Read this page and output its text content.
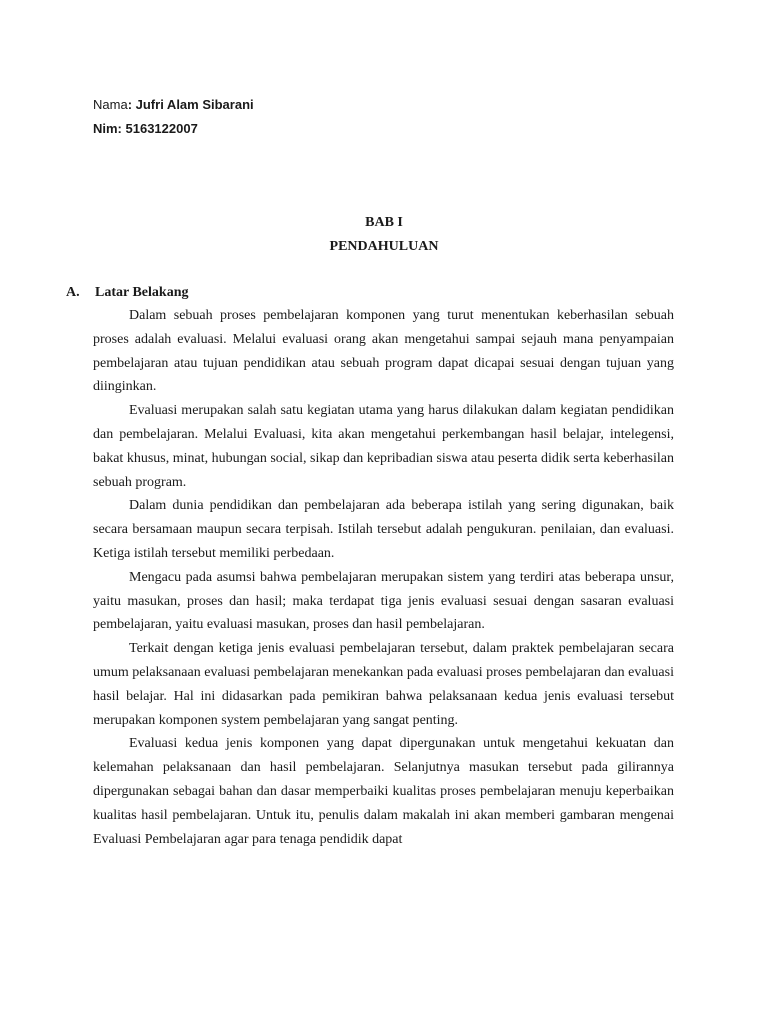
Nama: Jufri Alam Sibarani
Nim: 5163122007
BAB I
PENDAHULUAN
A. Latar Belakang

Dalam sebuah proses pembelajaran komponen yang turut menentukan keberhasilan sebuah proses adalah evaluasi. Melalui evaluasi orang akan mengetahui sampai sejauh mana penyampaian pembelajaran atau tujuan pendidikan atau sebuah program dapat dicapai sesuai dengan tujuan yang diinginkan.

Evaluasi merupakan salah satu kegiatan utama yang harus dilakukan dalam kegiatan pendidikan dan pembelajaran. Melalui Evaluasi, kita akan mengetahui perkembangan hasil belajar, intelegensi, bakat khusus, minat, hubungan social, sikap dan kepribadian siswa atau peserta didik serta keberhasilan sebuah program.

Dalam dunia pendidikan dan pembelajaran ada beberapa istilah yang sering digunakan, baik secara bersamaan maupun secara terpisah. Istilah tersebut adalah pengukuran. penilaian, dan evaluasi. Ketiga istilah tersebut memiliki perbedaan.

Mengacu pada asumsi bahwa pembelajaran merupakan sistem yang terdiri atas beberapa unsur, yaitu masukan, proses dan hasil; maka terdapat tiga jenis evaluasi sesuai dengan sasaran evaluasi pembelajaran, yaitu evaluasi masukan, proses dan hasil pembelajaran.

Terkait dengan ketiga jenis evaluasi pembelajaran tersebut, dalam praktek pembelajaran secara umum pelaksanaan evaluasi pembelajaran menekankan pada evaluasi proses pembelajaran dan evaluasi hasil belajar. Hal ini didasarkan pada pemikiran bahwa pelaksanaan kedua jenis evaluasi tersebut merupakan komponen system pembelajaran yang sangat penting.

Evaluasi kedua jenis komponen yang dapat dipergunakan untuk mengetahui kekuatan dan kelemahan pelaksanaan dan hasil pembelajaran. Selanjutnya masukan tersebut pada gilirannya dipergunakan sebagai bahan dan dasar memperbaiki kualitas proses pembelajaran menuju keperbaikan kualitas hasil pembelajaran. Untuk itu, penulis dalam makalah ini akan memberi gambaran mengenai Evaluasi Pembelajaran agar para tenaga pendidik dapat
